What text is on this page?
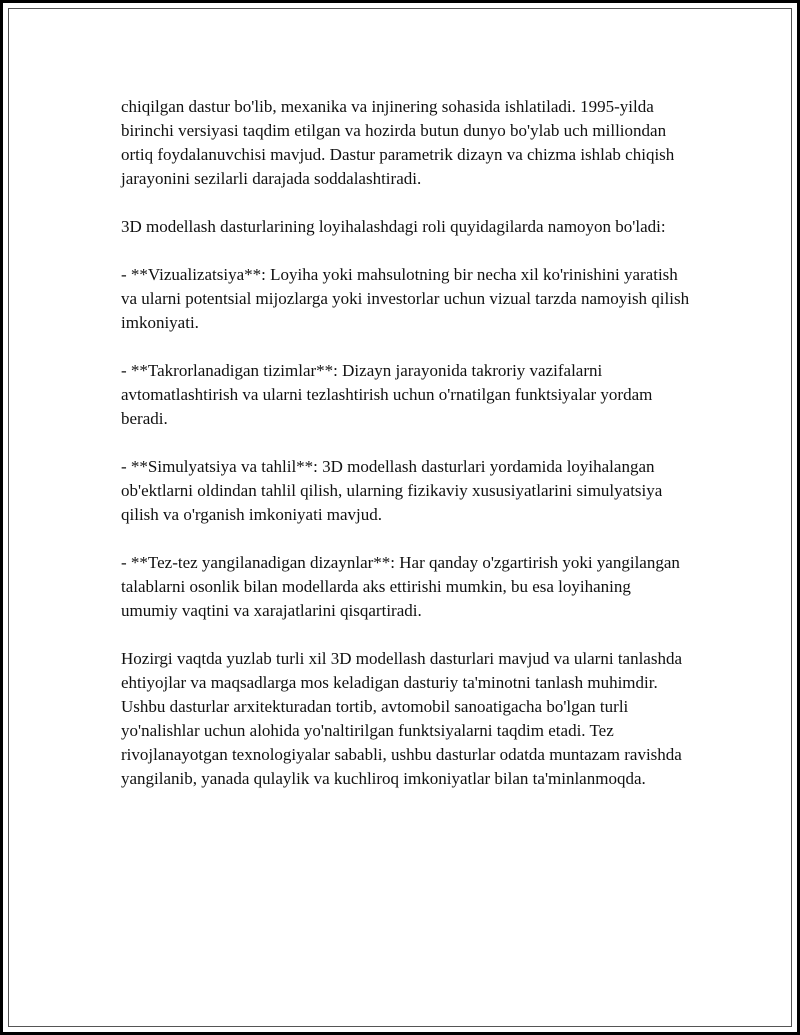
chiqilgan dastur bo'lib, mexanika va injinering sohasida ishlatiladi. 1995-yilda birinchi versiyasi taqdim etilgan va hozirda butun dunyo bo'ylab uch milliondan ortiq foydalanuvchisi mavjud. Dastur parametrik dizayn va chizma ishlab chiqish jarayonini sezilarli darajada soddalashtiradi.

3D modellash dasturlarining loyihalashdagi roli quyidagilarda namoyon bo'ladi:

- **Vizualizatsiya**: Loyiha yoki mahsulotning bir necha xil ko'rinishini yaratish va ularni potentsial mijozlarga yoki investorlar uchun vizual tarzda namoyish qilish imkoniyati.

- **Takrorlanadigan tizimlar**: Dizayn jarayonida takroriy vazifalarni avtomatlashtirish va ularni tezlashtirish uchun o'rnatilgan funktsiyalar yordam beradi.

- **Simulyatsiya va tahlil**: 3D modellash dasturlari yordamida loyihalangan ob'ektlarni oldindan tahlil qilish, ularning fizikaviy xususiyatlarini simulyatsiya qilish va o'rganish imkoniyati mavjud.

- **Tez-tez yangilanadigan dizaynlar**: Har qanday o'zgartirish yoki yangilangan talablarni osonlik bilan modellarda aks ettirishi mumkin, bu esa loyihaning umumiy vaqtini va xarajatlarini qisqartiradi.

Hozirgi vaqtda yuzlab turli xil 3D modellash dasturlari mavjud va ularni tanlashda ehtiyojlar va maqsadlarga mos keladigan dasturiy ta'minotni tanlash muhimdir. Ushbu dasturlar arxitekturadan tortib, avtomobil sanoatigacha bo'lgan turli yo'nalishlar uchun alohida yo'naltirilgan funktsiyalarni taqdim etadi. Tez rivojlanayotgan texnologiyalar sababli, ushbu dasturlar odatda muntazam ravishda yangilanib, yanada qulaylik va kuchliroq imkoniyatlar bilan ta'minlanmoqda.
